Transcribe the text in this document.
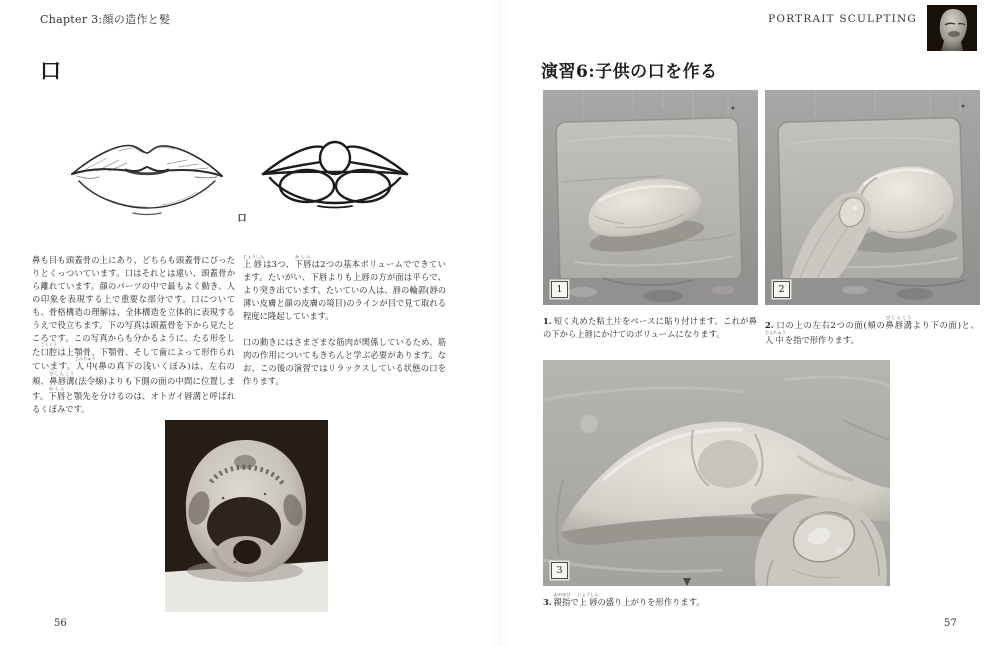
Chapter 3:顔の造作と髪
口
口

鼻も目も頭蓋骨の上にあり、どちらも頭蓋骨にぴったりとくっついています。口はそれとは違い、頭蓋骨から離れています。顔のパーツの中で最もよく動き、人の印象を表現する上で重要な部分です。口についても、骨格構造の理解は、全体構造を立体的に表現するうえで役立ちます。下の写真は頭蓋骨を下から見たところです。この写真からも分かるように、たる形をした口腔こうくうは上顎骨、下顎骨、そして歯によって形作られています。人中じんちゅう(鼻の真下の浅いくぼみ)は、左右の頬、鼻唇溝びしんこう(法令線)よりも下側の面の中間に位置します。下唇かしんと顎先を分けるのは、オトガイ唇溝と呼ばれるくぼみです。

上唇じょうしんは3つ、下唇かしんは2つの基本ボリュームでできています。たいがい、下唇よりも上唇の方が面は平らで、より突き出ています。たいていの人は、唇の輪郭(唇の薄い皮膚と顔の皮膚の境目)のラインが目で見て取れる程度に隆起しています。

口の動きにはさまざまな筋肉が関係しているため、筋肉の作用についてもきちんと学ぶ必要があります。なお、この後の演習ではリラックスしている状態の口を作ります。

56
PORTRAIT SCULPTING
演習6:子供の口を作る
1	2
1. 短く丸めた粘土片をベースに貼り付けます。これが鼻の下から上唇にかけてのボリュームになります。
2. 口の上の左右2つの面(頬の鼻唇溝びしんこうより下の面)と、人中じんちゅうを指で形作ります。
3
3. 親指おやゆびで上唇じょうしんの盛り上がりを形作ります。
57
